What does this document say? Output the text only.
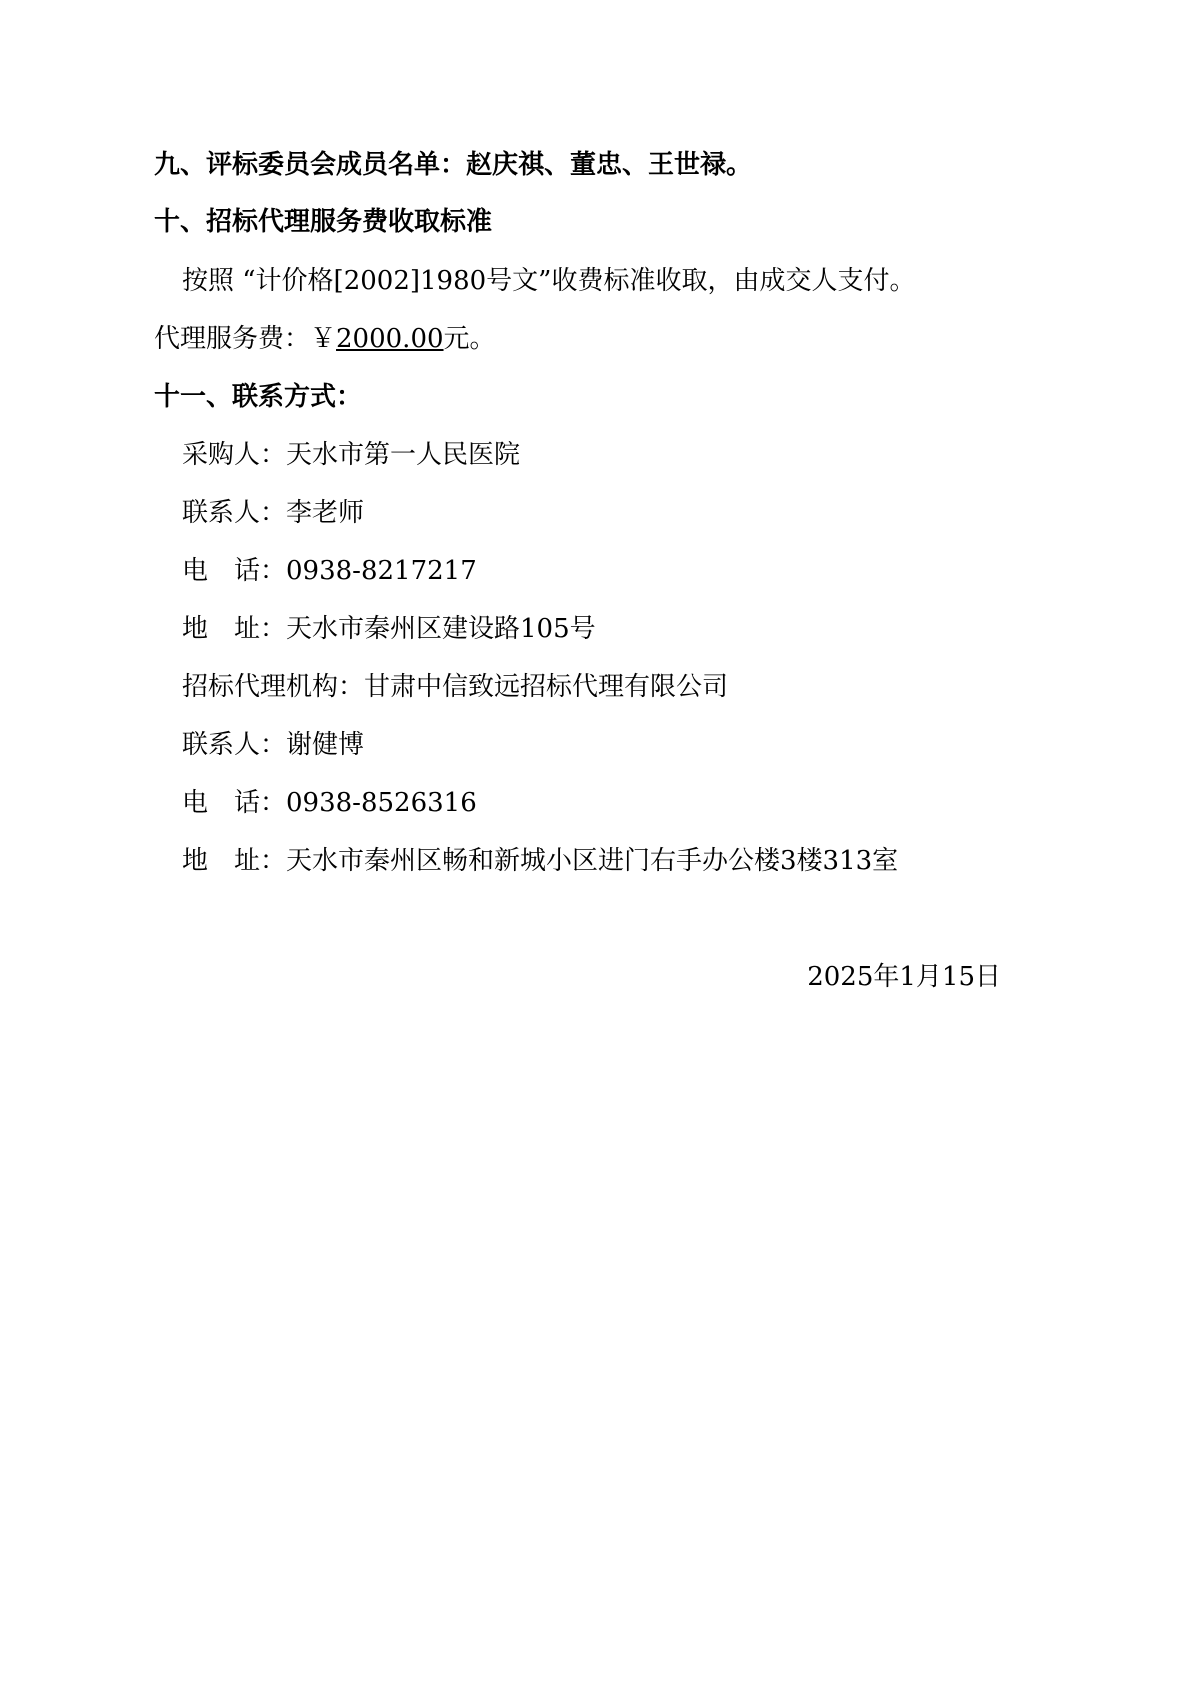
九、评标委员会成员名单：赵庆祺、董忠、王世禄。
十、招标代理服务费收取标准
按照 “计价格[2002]1980号文”收费标准收取，由成交人支付。
代理服务费：￥2000.00元。
十一、联系方式：
采购人：天水市第一人民医院
联系人：李老师
电　话：0938-8217217
地　址：天水市秦州区建设路105号
招标代理机构：甘肃中信致远招标代理有限公司
联系人：谢健博
电　话：0938-8526316
地　址：天水市秦州区畅和新城小区进门右手办公楼3楼313室
2025年1月15日
